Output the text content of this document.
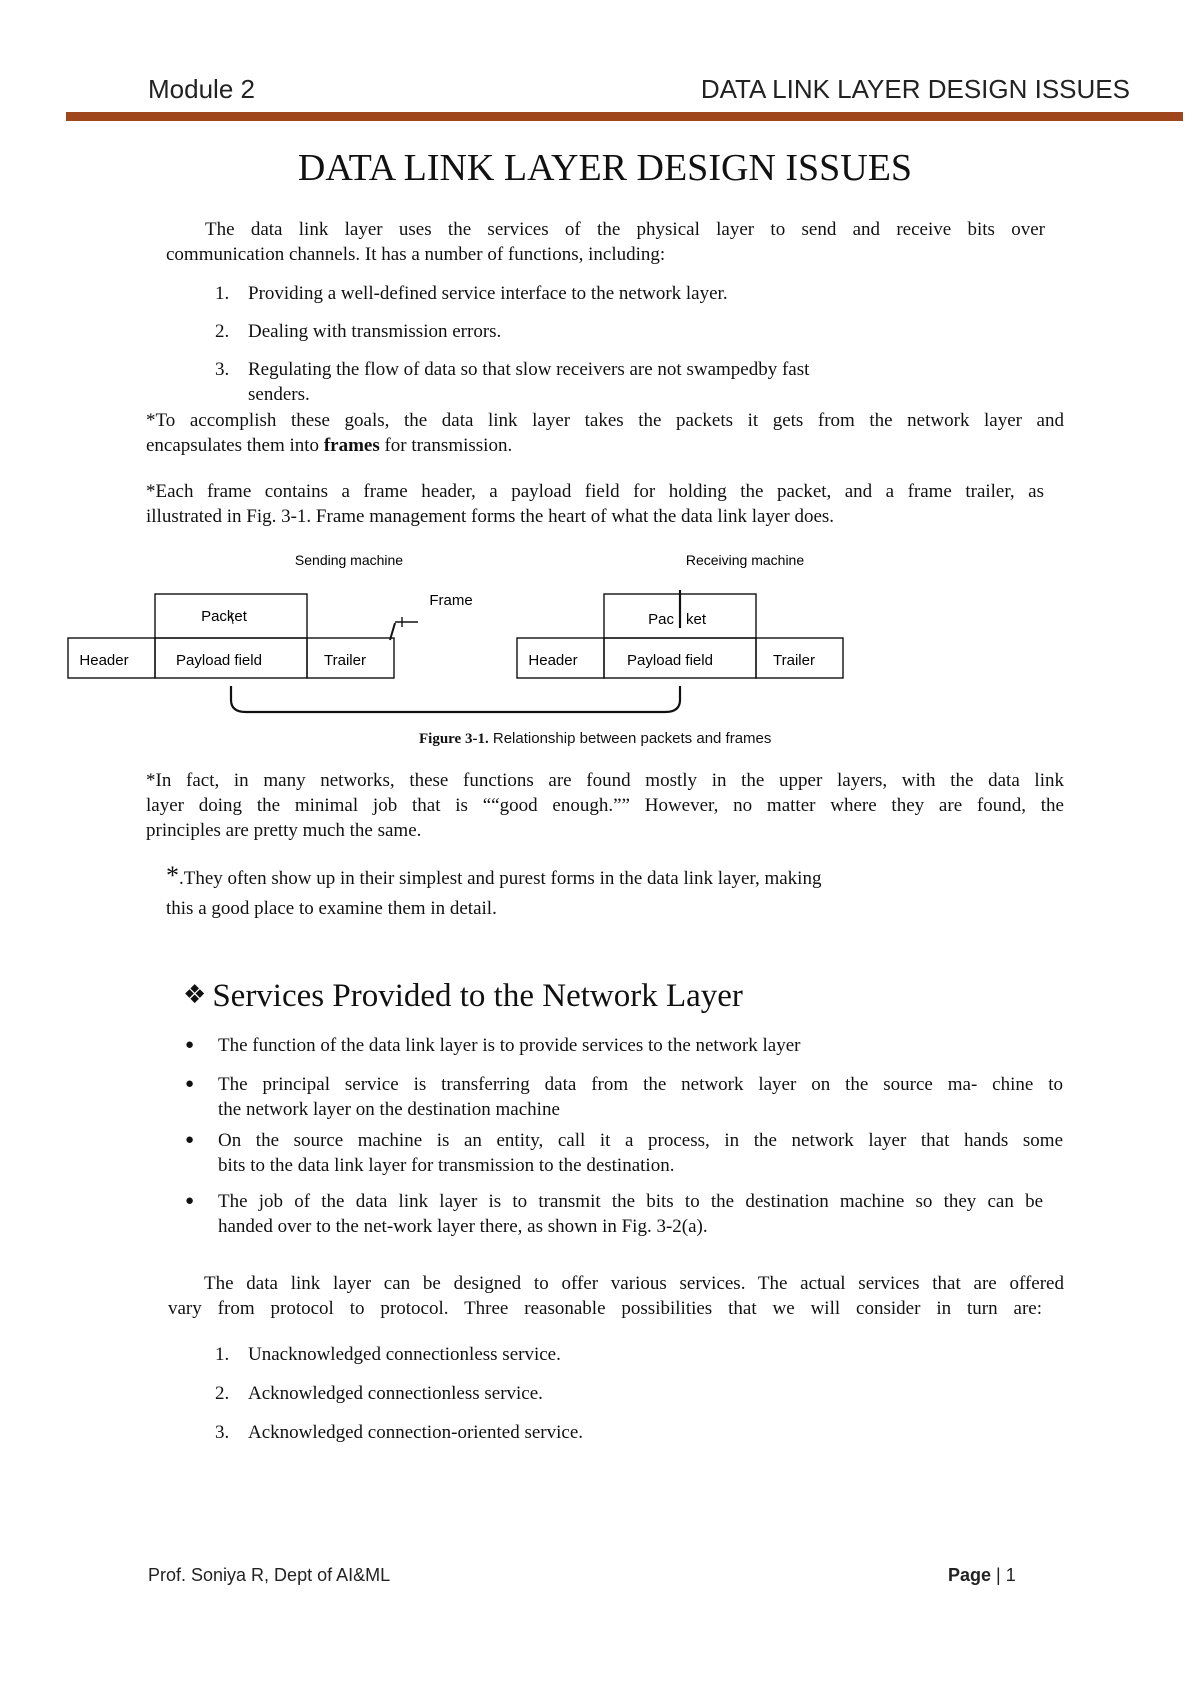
Module 2	DATA LINK LAYER DESIGN ISSUES
DATA LINK LAYER DESIGN ISSUES
The data link layer uses the services of the physical layer to send and receive bits over
communication channels. It has a number of functions, including:
1. Providing a well-defined service interface to the network layer.
2. Dealing with transmission errors.
3. Regulating the flow of data so that slow receivers are not swampedby fast
senders.
*To accomplish these goals, the data link layer takes the packets it gets from the network layer and
encapsulates them into frames for transmission.
*Each frame contains a frame header, a payload field for holding the packet, and a frame trailer, as
illustrated in Fig. 3-1. Frame management forms the heart of what the data link layer does.
Sending machine	Receiving machine
Frame
Packet	Pac ket
Header	Payload field	Trailer	Header	Payload field	Trailer
Figure 3-1. Relationship between packets and frames
*In fact, in many networks, these functions are found mostly in the upper layers, with the data link
layer doing the minimal job that is ““good enough.”” However, no matter where they are found, the
principles are pretty much the same.
*.They often show up in their simplest and purest forms in the data link layer, making
this a good place to examine them in detail.
❖ Services Provided to the Network Layer
● The function of the data link layer is to provide services to the network layer
● The principal service is transferring data from the network layer on the source ma- chine to
the network layer on the destination machine
● On the source machine is an entity, call it a process, in the network layer that hands some
bits to the data link layer for transmission to the destination.
● The job of the data link layer is to transmit the bits to the destination machine so they can be
handed over to the net-work layer there, as shown in Fig. 3-2(a).
The data link layer can be designed to offer various services. The actual services that are offered
vary from protocol to protocol. Three reasonable possibilities that we will consider in turn are:
1. Unacknowledged connectionless service.
2. Acknowledged connectionless service.
3. Acknowledged connection-oriented service.
Prof. Soniya R, Dept of AI&ML	Page | 1
